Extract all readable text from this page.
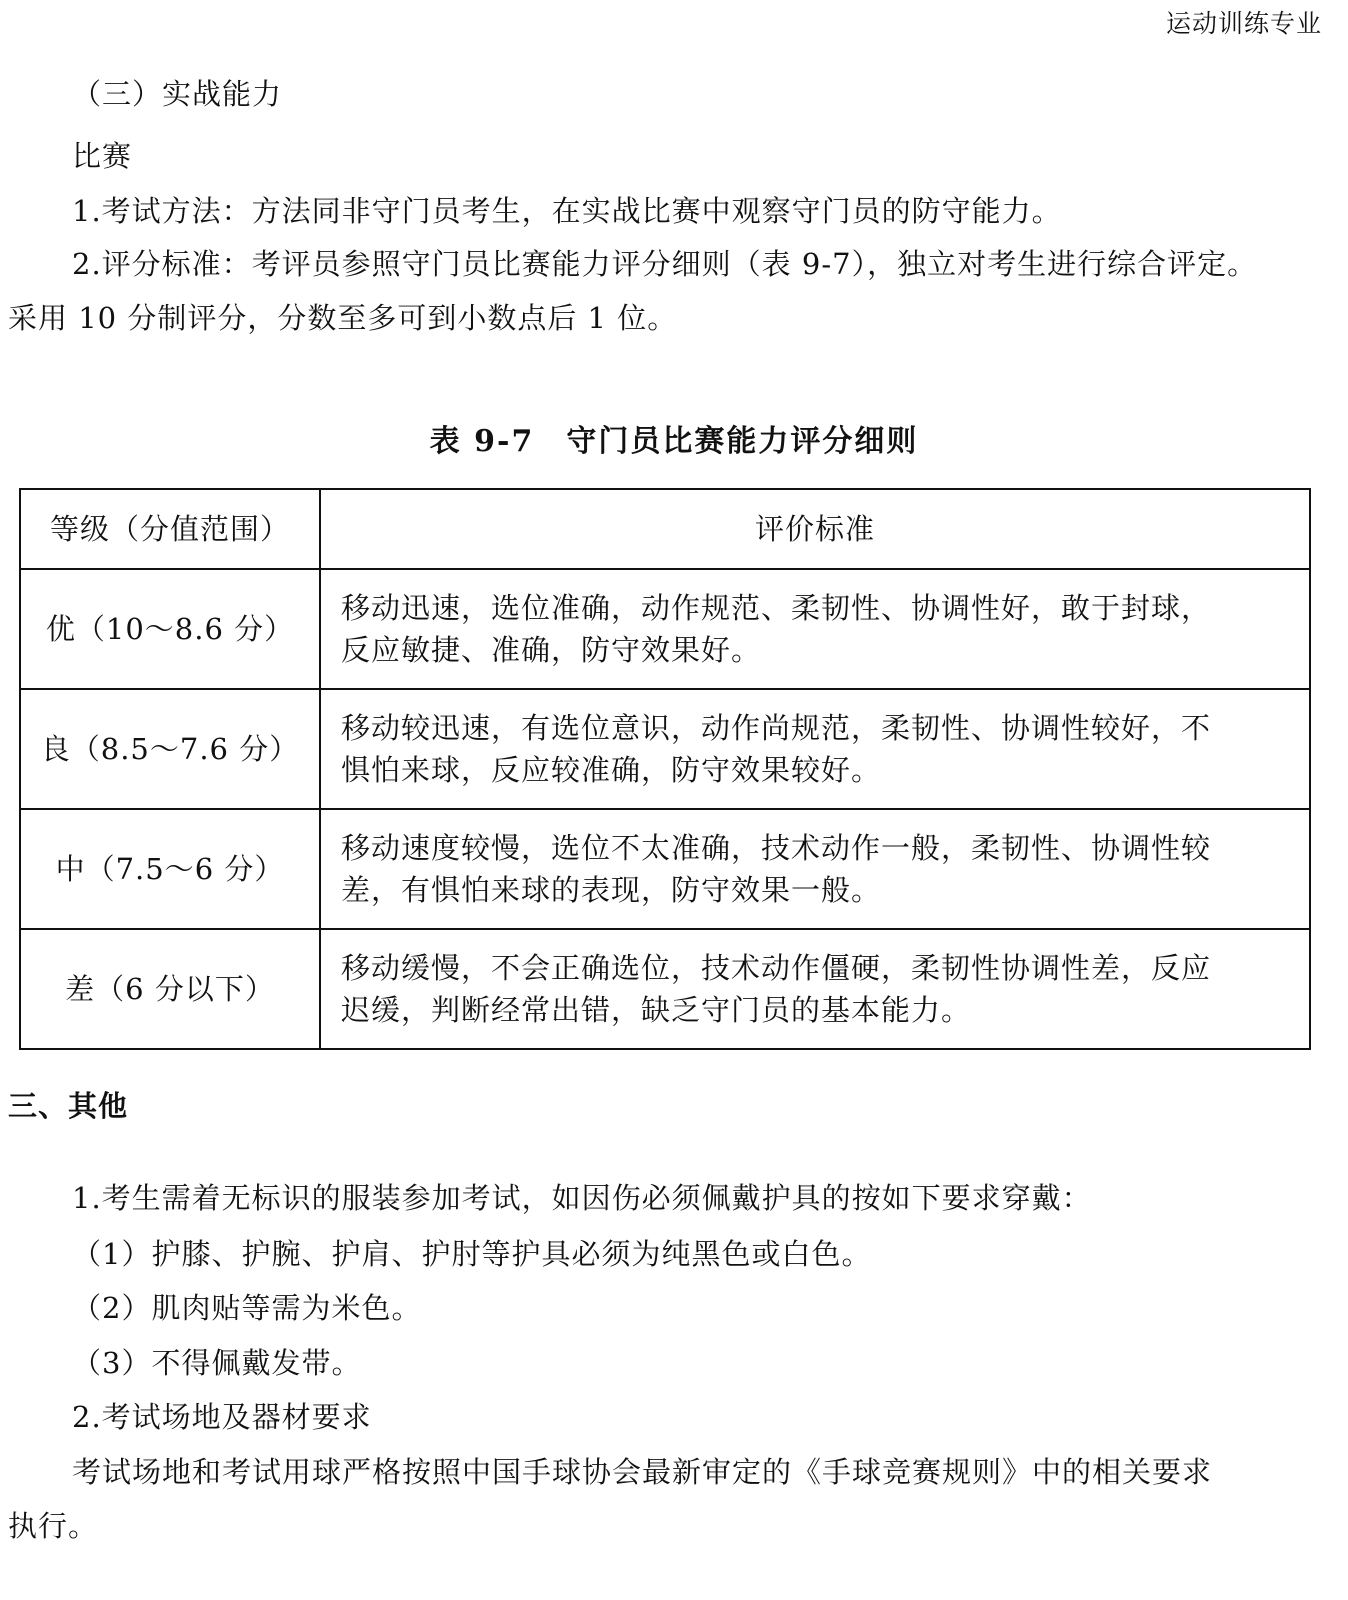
运动训练专业
（三）实战能力
比赛
1.考试方法：方法同非守门员考生，在实战比赛中观察守门员的防守能力。
2.评分标准：考评员参照守门员比赛能力评分细则（表 9-7），独立对考生进行综合评定。
采用 10 分制评分，分数至多可到小数点后 1 位。
表 9-7　守门员比赛能力评分细则
等级（分值范围）	评价标准
优（10～8.6 分）	移动迅速，选位准确，动作规范、柔韧性、协调性好，敢于封球，
反应敏捷、准确，防守效果好。

良（8.5～7.6 分）	移动较迅速，有选位意识，动作尚规范，柔韧性、协调性较好，不
惧怕来球，反应较准确，防守效果较好。

中（7.5～6 分）	移动速度较慢，选位不太准确，技术动作一般，柔韧性、协调性较
差，有惧怕来球的表现，防守效果一般。

差（6 分以下）	移动缓慢，不会正确选位，技术动作僵硬，柔韧性协调性差，反应
迟缓，判断经常出错，缺乏守门员的基本能力。
三、其他
1.考生需着无标识的服装参加考试，如因伤必须佩戴护具的按如下要求穿戴：
（1）护膝、护腕、护肩、护肘等护具必须为纯黑色或白色。
（2）肌肉贴等需为米色。
（3）不得佩戴发带。
2.考试场地及器材要求
考试场地和考试用球严格按照中国手球协会最新审定的《手球竞赛规则》中的相关要求
执行。
